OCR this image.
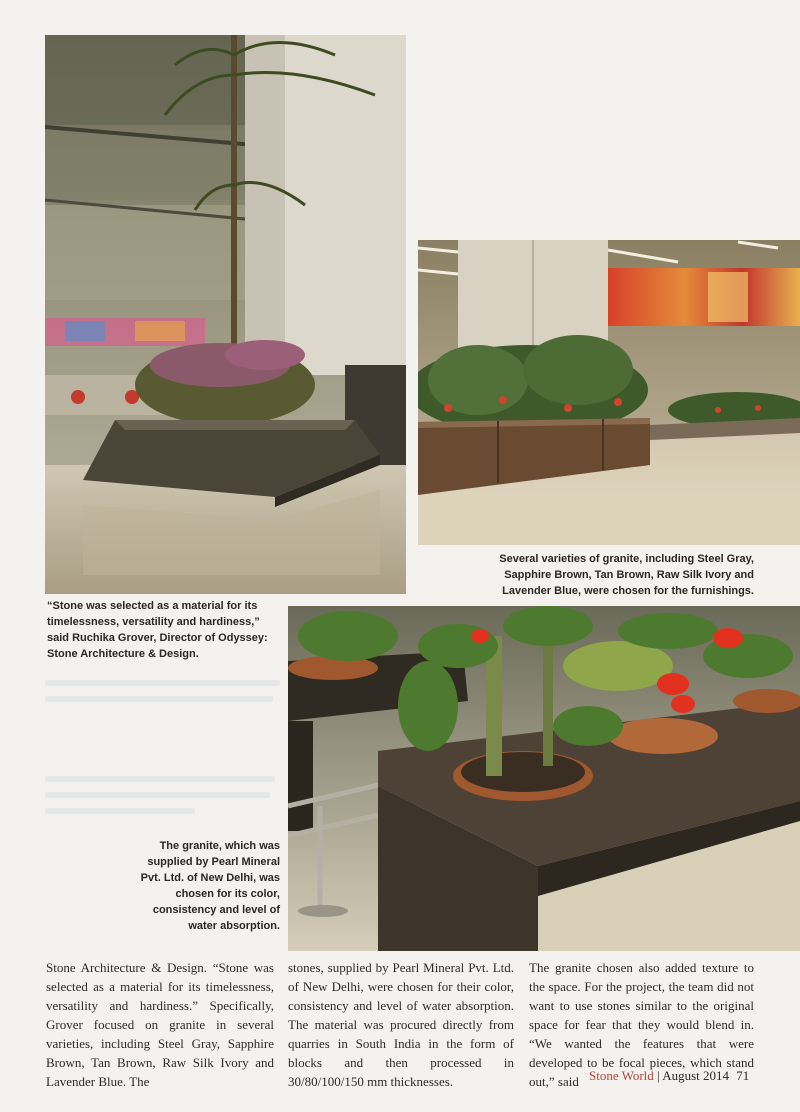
Several varieties of granite, including Steel Gray, Sapphire Brown, Tan Brown, Raw Silk Ivory and Lavender Blue, were chosen for the furnishings.
“Stone was selected as a material for its timelessness, versatility and hardiness,” said Ruchika Grover, Director of Odyssey: Stone Architecture & Design.
The granite, which was supplied by Pearl Mineral Pvt. Ltd. of New Delhi, was chosen for its color, consistency and level of water absorption.
Stone Architecture & Design. “Stone was selected as a material for its timelessness, versatility and hardiness.” Specifically, Grover focused on granite in several varieties, including Steel Gray, Sapphire Brown, Tan Brown, Raw Silk Ivory and Lavender Blue. The
stones, supplied by Pearl Mineral Pvt. Ltd. of New Delhi, were chosen for their color, consistency and level of water absorption. The material was procured directly from quarries in South India in the form of blocks and then processed in 30/80/100/150 mm thicknesses.
The granite chosen also added texture to the space. For the project, the team did not want to use stones similar to the original space for fear that they would blend in. “We wanted the features that were developed to be focal pieces, which stand out,” said Stone World | August 2014 71
